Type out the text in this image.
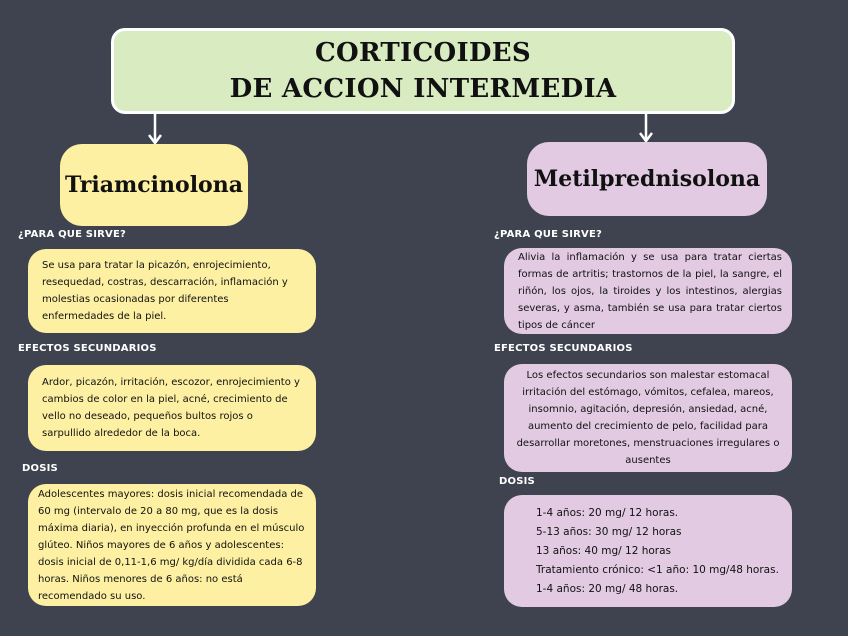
CORTICOIDES
DE ACCION INTERMEDIA
Triamcinolona
¿PARA QUE SIRVE?

Se usa para tratar la picazón, enrojecimiento, resequedad, costras, descarración, inflamación y molestias ocasionadas por diferentes enfermedades de la piel.

EFECTOS SECUNDARIOS

Ardor, picazón, irritación, escozor, enrojecimiento y cambios de color en la piel, acné, crecimiento de vello no deseado, pequeños bultos rojos o sarpullido alrededor de la boca.

DOSIS

Adolescentes mayores: dosis inicial recomendada de 60 mg (intervalo de 20 a 80 mg, que es la dosis máxima diaria), en inyección profunda en el músculo glúteo. Niños mayores de 6 años y adolescentes: dosis inicial de 0,11-1,6 mg/ kg/día dividida cada 6-8 horas. Niños menores de 6 años: no está recomendado su uso.

Metilprednisolona
¿PARA QUE SIRVE?

Alivia la inflamación y se usa para tratar ciertas formas de artritis; trastornos de la piel, la sangre, el riñón, los ojos, la tiroides y los intestinos, alergias severas, y asma, también se usa para tratar ciertos tipos de cáncer

EFECTOS SECUNDARIOS

Los efectos secundarios son malestar estomacal irritación del estómago, vómitos, cefalea, mareos, insomnio, agitación, depresión, ansiedad, acné, aumento del crecimiento de pelo, facilidad para desarrollar moretones, menstruaciones irregulares o ausentes

DOSIS
1-4 años: 20 mg/ 12 horas.
5-13 años: 30 mg/ 12 horas
13 años: 40 mg/ 12 horas
Tratamiento crónico: <1 año: 10 mg/48 horas.
1-4 años: 20 mg/ 48 horas.
